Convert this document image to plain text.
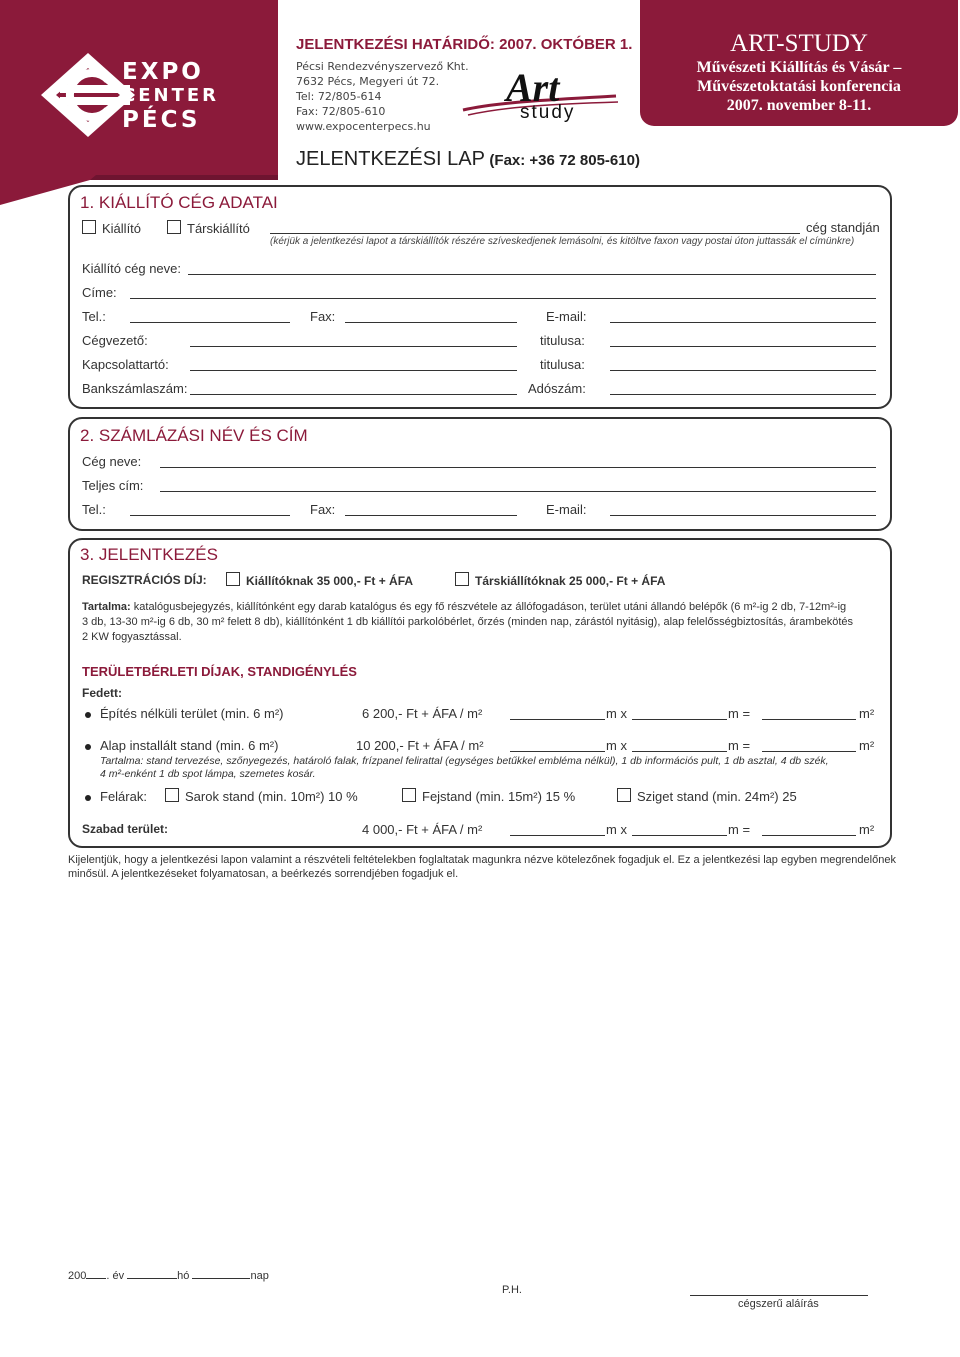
EXPO
CENTER
PÉCS
JELENTKEZÉSI HATÁRIDŐ: 2007. OKTÓBER 1.
Pécsi Rendezvényszervező Kht.
7632 Pécs, Megyeri út 72.
Tel: 72/805-614
Fax: 72/805-610
www.expocenterpecs.hu
Art
study
ART-STUDY
Művészeti Kiállítás és Vásár –
Művészetoktatási konferencia
2007. november 8-11.
JELENTKEZÉSI LAP (Fax: +36 72 805-610)
1. KIÁLLÍTÓ CÉG ADATAI
Kiállító	Társkiállító	cég standján
(kérjük a jelentkezési lapot a társkiállítók részére szíveskedjenek lemásolni, és kitöltve faxon vagy postai úton juttassák el címünkre)
Kiállító cég neve:
Címe:
Tel.:	Fax:	E-mail:
Cégvezető:	titulusa:
Kapcsolattartó:	titulusa:
Bankszámlaszám:	Adószám:
2. SZÁMLÁZÁSI NÉV ÉS CÍM
Cég neve:
Teljes cím:
Tel.:	Fax:	E-mail:
3. JELENTKEZÉS
REGISZTRÁCIÓS DÍJ:	Kiállítóknak 35 000,- Ft + ÁFA	Társkiállítóknak 25 000,- Ft + ÁFA
Tartalma: katalógusbejegyzés, kiállítónként egy darab katalógus és egy fő részvétele az állófogadáson, terület utáni állandó belépők (6 m²-ig 2 db, 7-12m²-ig
3 db, 13-30 m²-ig 6 db, 30 m² felett 8 db), kiállítónként 1 db kiállítói parkolóbérlet, őrzés (minden nap, zárástól nyitásig), alap felelősségbiztosítás, árambekötés
2 KW fogyasztással.
TERÜLETBÉRLETI DÍJAK, STANDIGÉNYLÉS
Fedett:
Építés nélküli terület (min. 6 m²)	6 200,- Ft + ÁFA / m²	m x	m =	m²
Alap installált stand (min. 6 m²)	10 200,- Ft + ÁFA / m²	m x	m =	m²
Tartalma: stand tervezése, szőnyegezés, határoló falak, frízpanel felirattal (egységes betűkkel embléma nélkül), 1 db információs pult, 1 db asztal, 4 db szék,
4 m²-enként 1 db spot lámpa, szemetes kosár.
Felárak:	Sarok stand (min. 10m²) 10 %	Fejstand (min. 15m²) 15 %	Sziget stand (min. 24m²) 25
Szabad terület:	4 000,- Ft + ÁFA / m²	m x	m =	m²
Kijelentjük, hogy a jelentkezési lapon valamint a részvételi feltételekben foglaltatak magunkra nézve kötelezőnek fogadjuk el. Ez a jelentkezési lap egyben megrendelőnek
minősül. A jelentkezéseket folyamatosan, a beérkezés sorrendjében fogadjuk el.
200 . év	hó	nap
P.H.
cégszerű aláírás
